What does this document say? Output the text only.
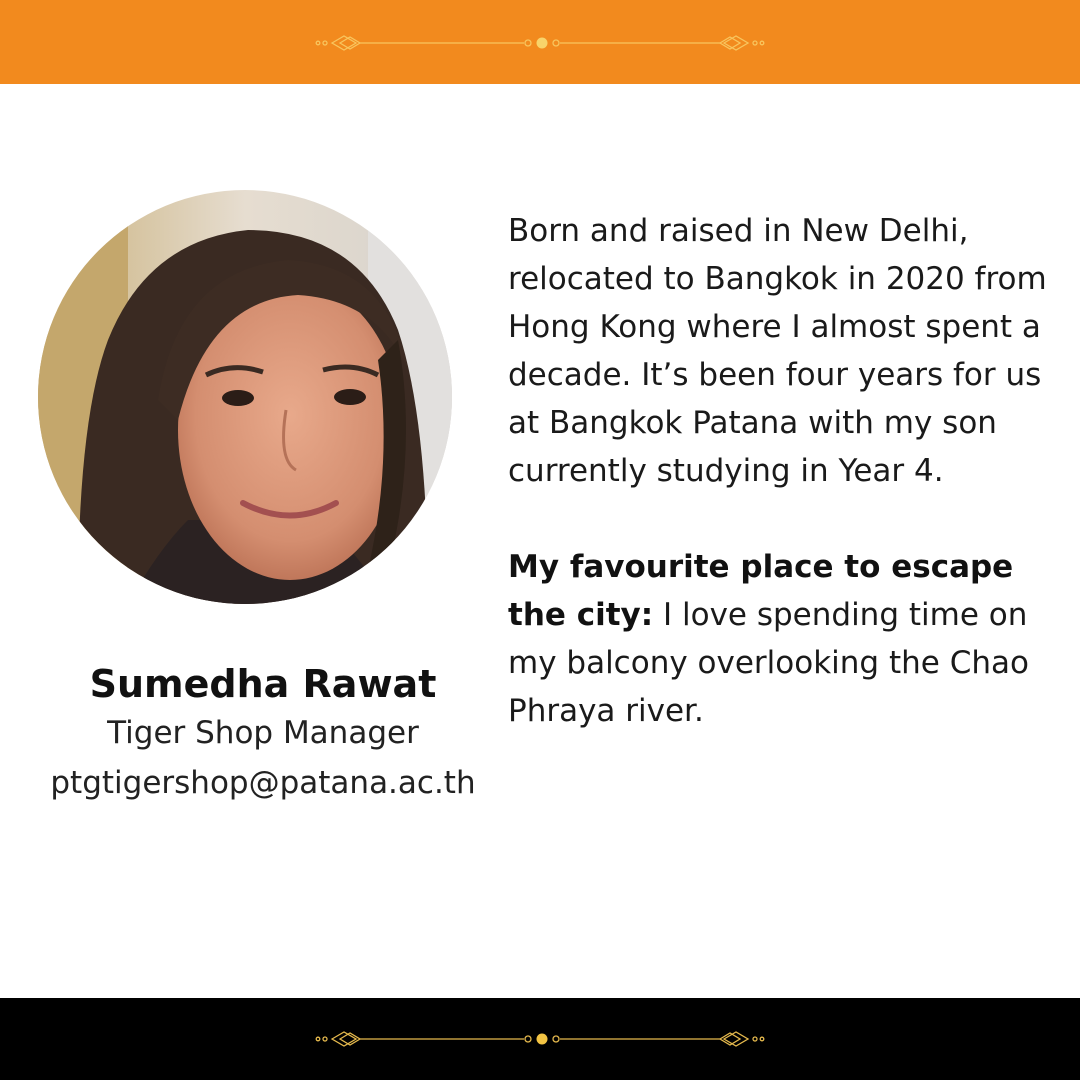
Sumedha Rawat
Tiger Shop Manager
ptgtigershop@patana.ac.th

Born and raised in New Delhi, relocated to Bangkok in 2020 from Hong Kong where I almost spent a decade. It’s been four years for us at Bangkok Patana with my son currently studying in Year 4.

My favourite place to escape the city: I love spending time on my balcony overlooking the Chao Phraya river.
